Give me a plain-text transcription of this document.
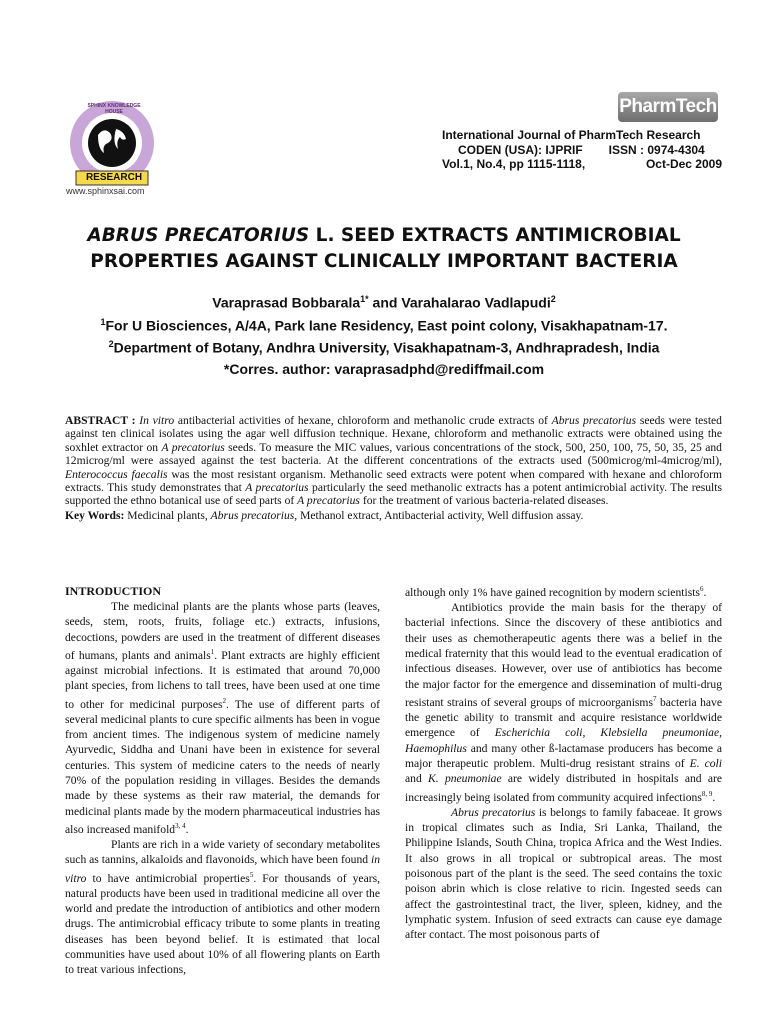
RESEARCH
SPHINX KNOWLEDGE HOUSE
www.sphinxsai.com
PharmTech
International Journal of PharmTech Research
CODEN (USA): IJPRIF ISSN : 0974-4304
Vol.1, No.4, pp 1115-1118,	Oct-Dec 2009
ABRUS PRECATORIUS L. SEED EXTRACTS ANTIMICROBIAL
PROPERTIES AGAINST CLINICALLY IMPORTANT BACTERIA
Varaprasad Bobbarala$^{1*}$ and Varahalarao Vadlapudi$^2$
$^1$For U Biosciences, A/4A, Park lane Residency, East point colony, Visakhapatnam-17.
$^2$Department of Botany, Andhra University, Visakhapatnam-3, Andhrapradesh, India
*Corres. author: varaprasadphd@rediffmail.com
ABSTRACT : In vitro antibacterial activities of hexane, chloroform and methanolic crude extracts of Abrus precatorius seeds were tested against ten clinical isolates using the agar well diffusion technique. Hexane, chloroform and methanolic extracts were obtained using the soxhlet extractor on A precatorius seeds. To measure the MIC values, various concentrations of the stock, 500, 250, 100, 75, 50, 35, 25 and 12microg/ml were assayed against the test bacteria. At the different concentrations of the extracts used (500microg/ml-4microg/ml), Enterococcus faecalis was the most resistant organism. Methanolic seed extracts were potent when compared with hexane and chloroform extracts. This study demonstrates that A precatorius particularly the seed methanolic extracts has a potent antimicrobial activity. The results supported the ethno botanical use of seed parts of A precatorius for the treatment of various bacteria-related diseases.
Key Words: Medicinal plants, Abrus precatorius, Methanol extract, Antibacterial activity, Well diffusion assay.
INTRODUCTION

The medicinal plants are the plants whose parts (leaves, seeds, stem, roots, fruits, foliage etc.) extracts, infusions, decoctions, powders are used in the treatment of different diseases of humans, plants and animals$^1$. Plant extracts are highly efficient against microbial infections. It is estimated that around 70,000 plant species, from lichens to tall trees, have been used at one time to other for medicinal purposes$^2$. The use of different parts of several medicinal plants to cure specific ailments has been in vogue from ancient times. The indigenous system of medicine namely Ayurvedic, Siddha and Unani have been in existence for several centuries. This system of medicine caters to the needs of nearly 70% of the population residing in villages. Besides the demands made by these systems as their raw material, the demands for medicinal plants made by the modern pharmaceutical industries has also increased manifold$^{3, 4}$.

Plants are rich in a wide variety of secondary metabolites such as tannins, alkaloids and flavonoids, which have been found in vitro to have antimicrobial properties$^5$. For thousands of years, natural products have been used in traditional medicine all over the world and predate the introduction of antibiotics and other modern drugs. The antimicrobial efficacy tribute to some plants in treating diseases has been beyond belief. It is estimated that local communities have used about 10% of all flowering plants on Earth to treat various infections,

although only 1% have gained recognition by modern scientists$^6$.

Antibiotics provide the main basis for the therapy of bacterial infections. Since the discovery of these antibiotics and their uses as chemotherapeutic agents there was a belief in the medical fraternity that this would lead to the eventual eradication of infectious diseases. However, over use of antibiotics has become the major factor for the emergence and dissemination of multi-drug resistant strains of several groups of microorganisms$^7$ bacteria have the genetic ability to transmit and acquire resistance worldwide emergence of Escherichia coli, Klebsiella pneumoniae, Haemophilus and many other ß-lactamase producers has become a major therapeutic problem. Multi-drug resistant strains of E. coli and K. pneumoniae are widely distributed in hospitals and are increasingly being isolated from community acquired infections$^{8, 9}$.

Abrus precatorius is belongs to family fabaceae. It grows in tropical climates such as India, Sri Lanka, Thailand, the Philippine Islands, South China, tropica Africa and the West Indies. It also grows in all tropical or subtropical areas. The most poisonous part of the plant is the seed. The seed contains the toxic poison abrin which is close relative to ricin. Ingested seeds can affect the gastrointestinal tract, the liver, spleen, kidney, and the lymphatic system. Infusion of seed extracts can cause eye damage after contact. The most poisonous parts of
